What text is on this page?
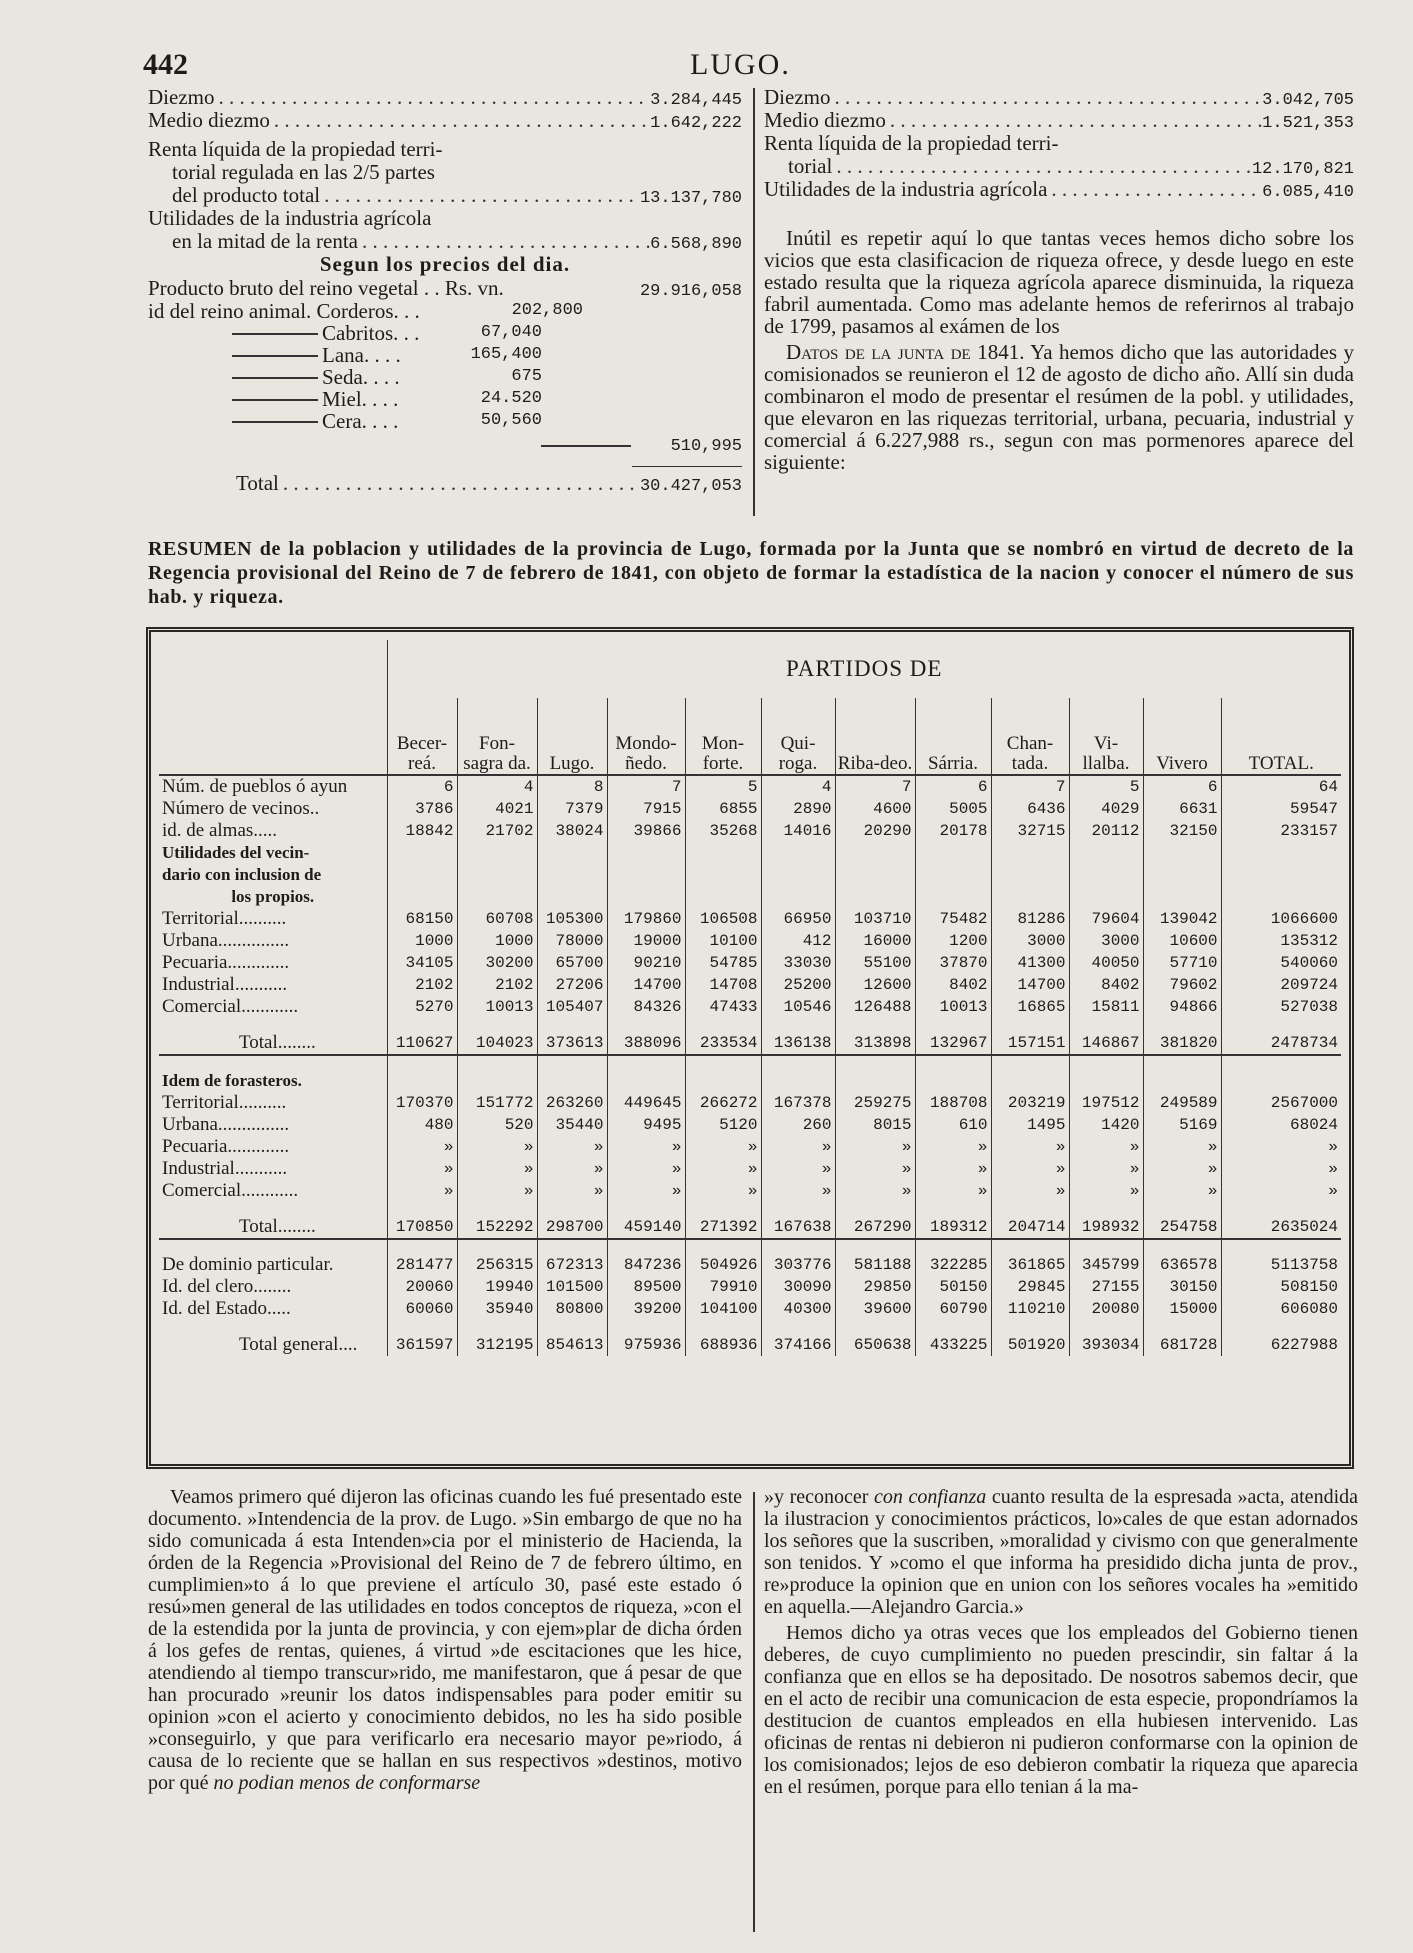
442	LUGO.
Diezmo . . .	3.284,445
Medio diezmo . . .	1.642,222
Renta líquida de la propiedad terri-
torial regulada en las 2/5 partes
del producto total . . .	13.137,780
Utilidades de la industria agrícola
en la mitad de la renta . . .	6.568,890
Segun los precios del dia.
Producto bruto del reino vegetal . . Rs. vn.	29.916,058
id del reino animal. Corderos. . .	202,800
Cabritos. . .	67,040
Lana. . . .	165,400
Seda. . . .	675
Miel. . . .	24.520
Cera. . . .	50,560
510,995
Total . . .	30.427,053
Diezmo . . .	3.042,705
Medio diezmo . . .	1.521,353
Renta líquida de la propiedad terri-
torial . . .	12.170,821
Utilidades de la industria agrícola . . .	6.085,410

Inútil es repetir aquí lo que tantas veces hemos dicho sobre los vicios que esta clasificacion de riqueza ofrece, y desde luego en este estado resulta que la riqueza agrícola aparece disminuida, la riqueza fabril aumentada. Como mas adelante hemos de referirnos al trabajo de 1799, pasamos al exámen de los

Datos de la junta de 1841. Ya hemos dicho que las autoridades y comisionados se reunieron el 12 de agosto de dicho año. Allí sin duda combinaron el modo de presentar el resúmen de la pobl. y utilidades, que elevaron en las riquezas territorial, urbana, pecuaria, industrial y comercial á 6.227,988 rs., segun con mas pormenores aparece del siguiente:

RESUMEN de la poblacion y utilidades de la provincia de Lugo, formada por la Junta que se nombró en virtud de decreto de la Regencia provisional del Reino de 7 de febrero de 1841, con objeto de formar la estadística de la nacion y conocer el número de sus hab. y riqueza.
	PARTIDOS DE											
	Becer-reá.	Fon-sagra da.	Lugo.	Mondo-ñedo.	Mon-forte.	Qui-roga.	Riba-deo.	Sárria.	Chan-tada.	Vi-llalba.	Vivero	TOTAL.
Núm. de pueblos ó ayun	6	4	8	7	5	4	7	6	7	5	6	64
Número de vecinos..	3786	4021	7379	7915	6855	2890	4600	5005	6436	4029	6631	59547
id. de almas.....	18842	21702	38024	39866	35268	14016	20290	20178	32715	20112	32150	233157
Utilidades del vecin-												
dario con inclusion de												
los propios.												
Territorial..........	68150	60708	105300	179860	106508	66950	103710	75482	81286	79604	139042	1066600
Urbana...............	1000	1000	78000	19000	10100	412	16000	1200	3000	3000	10600	135312
Pecuaria.............	34105	30200	65700	90210	54785	33030	55100	37870	41300	40050	57710	540060
Industrial...........	2102	2102	27206	14700	14708	25200	12600	8402	14700	8402	79602	209724
Comercial............	5270	10013	105407	84326	47433	10546	126488	10013	16865	15811	94866	527038

Total........	110627	104023	373613	388096	233534	136138	313898	132967	157151	146867	381820	2478734

Idem de forasteros.												
Territorial..........	170370	151772	263260	449645	266272	167378	259275	188708	203219	197512	249589	2567000
Urbana...............	480	520	35440	9495	5120	260	8015	610	1495	1420	5169	68024
Pecuaria.............	»	»	»	»	»	»	»	»	»	»	»	»
Industrial...........	»	»	»	»	»	»	»	»	»	»	»	»
Comercial............	»	»	»	»	»	»	»	»	»	»	»	»

Total........	170850	152292	298700	459140	271392	167638	267290	189312	204714	198932	254758	2635024

De dominio particular.	281477	256315	672313	847236	504926	303776	581188	322285	361865	345799	636578	5113758
Id. del clero........	20060	19940	101500	89500	79910	30090	29850	50150	29845	27155	30150	508150
Id. del Estado.....	60060	35940	80800	39200	104100	40300	39600	60790	110210	20080	15000	606080

Total general....	361597	312195	854613	975936	688936	374166	650638	433225	501920	393034	681728	6227988

Veamos primero qué dijeron las oficinas cuando les fué presentado este documento. »Intendencia de la prov. de Lugo. »Sin embargo de que no ha sido comunicada á esta Intenden»cia por el ministerio de Hacienda, la órden de la Regencia »Provisional del Reino de 7 de febrero último, en cumplimien»to á lo que previene el artículo 30, pasé este estado ó resú»men general de las utilidades en todos conceptos de riqueza, »con el de la estendida por la junta de provincia, y con ejem»plar de dicha órden á los gefes de rentas, quienes, á virtud »de escitaciones que les hice, atendiendo al tiempo transcur»rido, me manifestaron, que á pesar de que han procurado »reunir los datos indispensables para poder emitir su opinion »con el acierto y conocimiento debidos, no les ha sido posible »conseguirlo, y que para verificarlo era necesario mayor pe»riodo, á causa de lo reciente que se hallan en sus respectivos »destinos, motivo por qué no podian menos de conformarse

»y reconocer con confianza cuanto resulta de la espresada »acta, atendida la ilustracion y conocimientos prácticos, lo»cales de que estan adornados los señores que la suscriben, »moralidad y civismo con que generalmente son tenidos. Y »como el que informa ha presidido dicha junta de prov., re»produce la opinion que en union con los señores vocales ha »emitido en aquella.—Alejandro Garcia.»

Hemos dicho ya otras veces que los empleados del Gobierno tienen deberes, de cuyo cumplimiento no pueden prescindir, sin faltar á la confianza que en ellos se ha depositado. De nosotros sabemos decir, que en el acto de recibir una comunicacion de esta especie, propondríamos la destitucion de cuantos empleados en ella hubiesen intervenido. Las oficinas de rentas ni debieron ni pudieron conformarse con la opinion de los comisionados; lejos de eso debieron combatir la riqueza que aparecia en el resúmen, porque para ello tenian á la ma-
